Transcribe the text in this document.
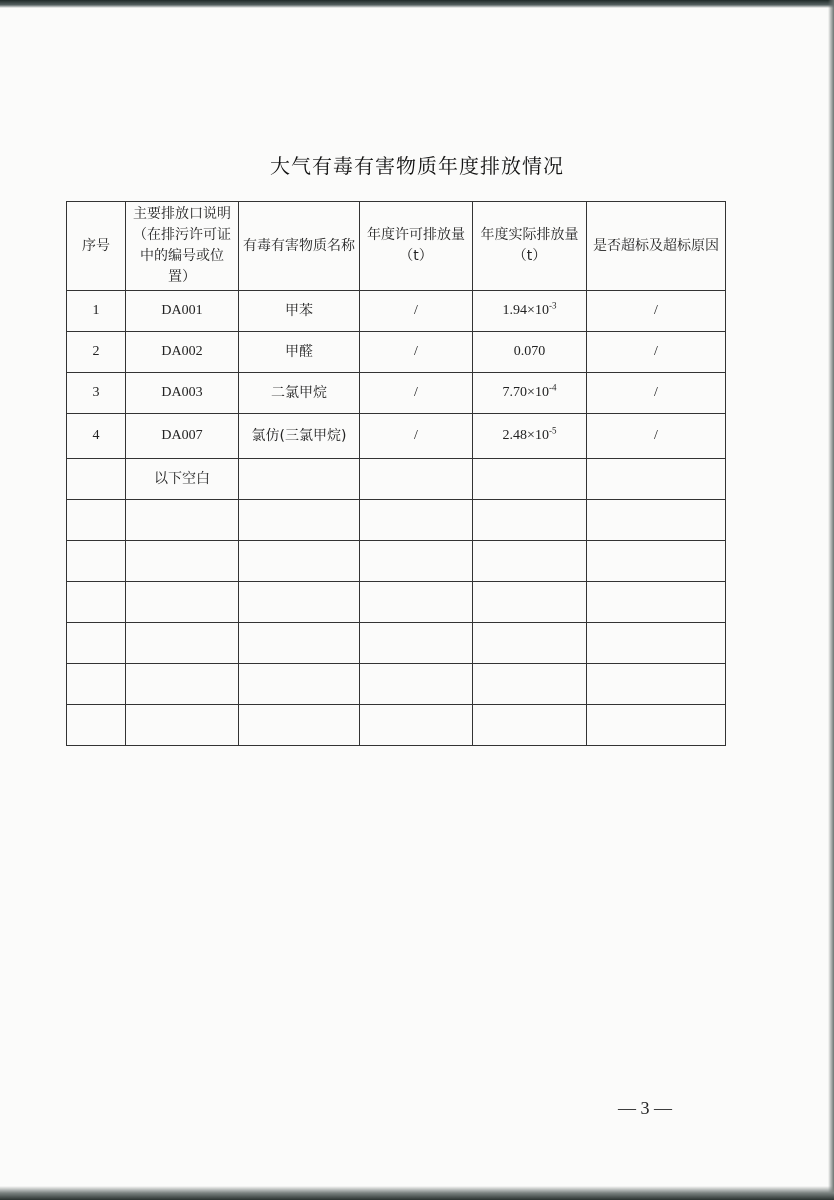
大气有毒有害物质年度排放情况
序号	主要排放口说明（在排污许可证中的编号或位置）	有毒有害物质名称	年度许可排放量（t）	年度实际排放量（t）	是否超标及超标原因
1	DA001	甲苯	/	$1.94\times 10^{-3}$	/
2	DA002	甲醛	/	0.070	/
3	DA003	二氯甲烷	/	$7.70\times 10^{-4}$	/
4	DA007	氯仿(三氯甲烷)	/	$2.48\times 10^{-5}$	/
	以下空白				

— 3 —
